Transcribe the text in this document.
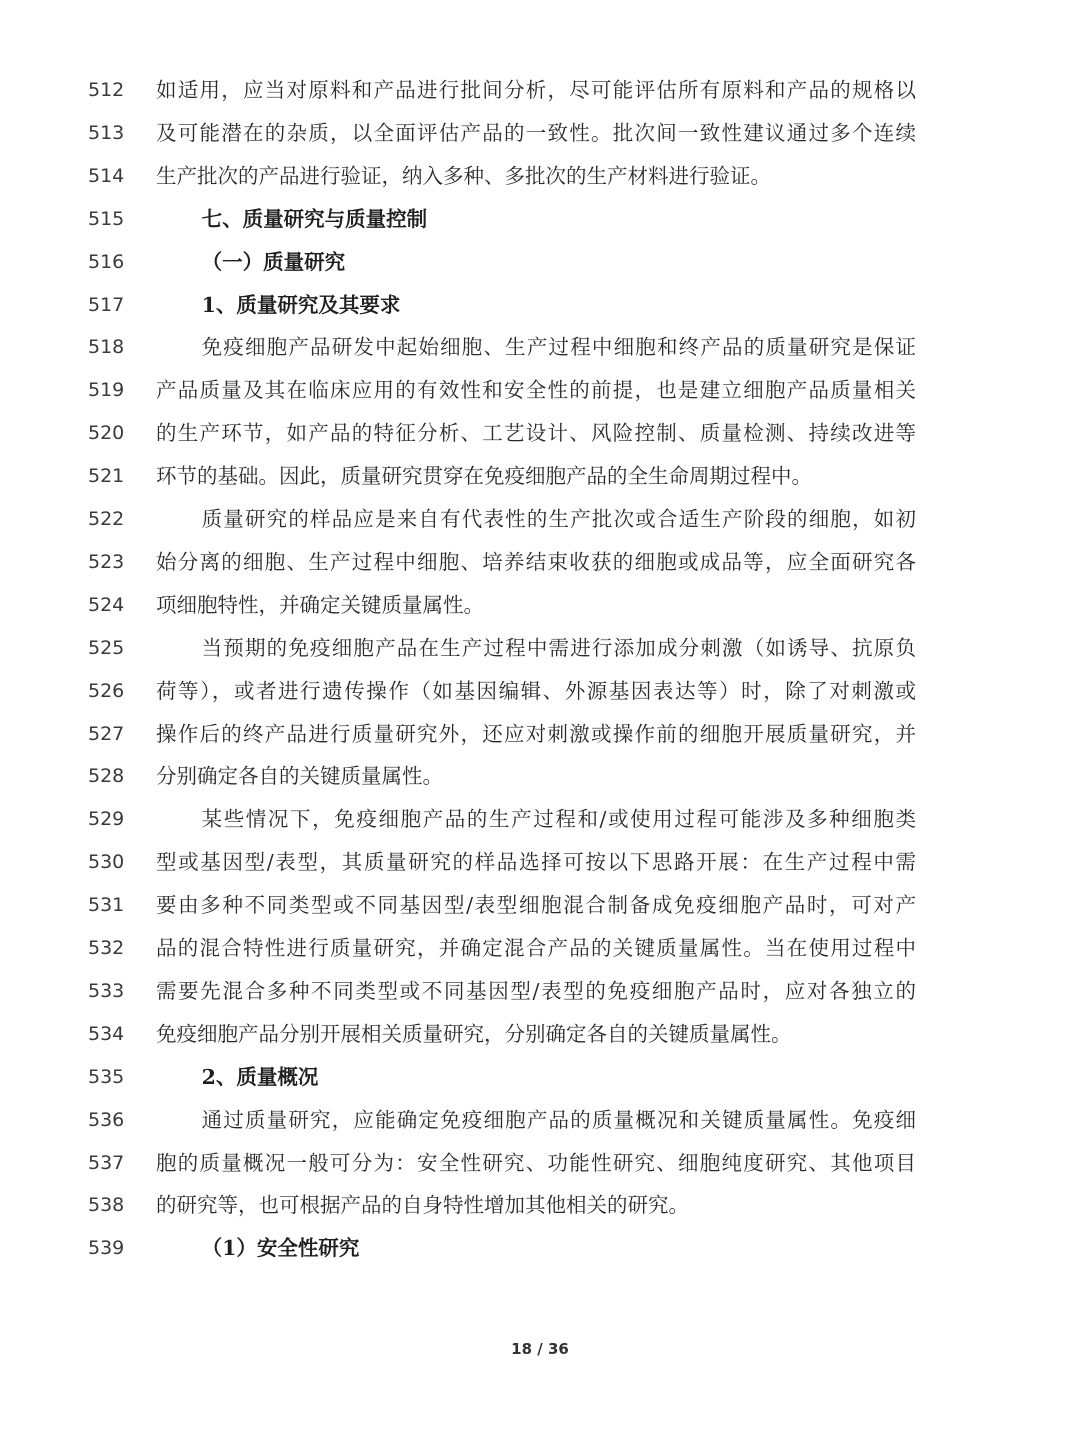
512 如适用，应当对原料和产品进行批间分析，尽可能评估所有原料和产品的规格以
513 及可能潜在的杂质，以全面评估产品的一致性。批次间一致性建议通过多个连续
514 生产批次的产品进行验证，纳入多种、多批次的生产材料进行验证。
515	七、质量研究与质量控制
516	（一）质量研究
517	1、质量研究及其要求
518	免疫细胞产品研发中起始细胞、生产过程中细胞和终产品的质量研究是保证
519 产品质量及其在临床应用的有效性和安全性的前提，也是建立细胞产品质量相关
520 的生产环节，如产品的特征分析、工艺设计、风险控制、质量检测、持续改进等
521 环节的基础。因此，质量研究贯穿在免疫细胞产品的全生命周期过程中。
522	质量研究的样品应是来自有代表性的生产批次或合适生产阶段的细胞，如初
523 始分离的细胞、生产过程中细胞、培养结束收获的细胞或成品等，应全面研究各
524 项细胞特性，并确定关键质量属性。
525	当预期的免疫细胞产品在生产过程中需进行添加成分刺激（如诱导、抗原负
526 荷等），或者进行遗传操作（如基因编辑、外源基因表达等）时，除了对刺激或
527 操作后的终产品进行质量研究外，还应对刺激或操作前的细胞开展质量研究，并
528 分别确定各自的关键质量属性。
529	某些情况下，免疫细胞产品的生产过程和/或使用过程可能涉及多种细胞类
530 型或基因型/表型，其质量研究的样品选择可按以下思路开展：在生产过程中需
531 要由多种不同类型或不同基因型/表型细胞混合制备成免疫细胞产品时，可对产
532 品的混合特性进行质量研究，并确定混合产品的关键质量属性。当在使用过程中
533 需要先混合多种不同类型或不同基因型/表型的免疫细胞产品时，应对各独立的
534 免疫细胞产品分别开展相关质量研究，分别确定各自的关键质量属性。
535	2、质量概况
536	通过质量研究，应能确定免疫细胞产品的质量概况和关键质量属性。免疫细
537 胞的质量概况一般可分为：安全性研究、功能性研究、细胞纯度研究、其他项目
538 的研究等，也可根据产品的自身特性增加其他相关的研究。
539	（1）安全性研究
18 / 36
